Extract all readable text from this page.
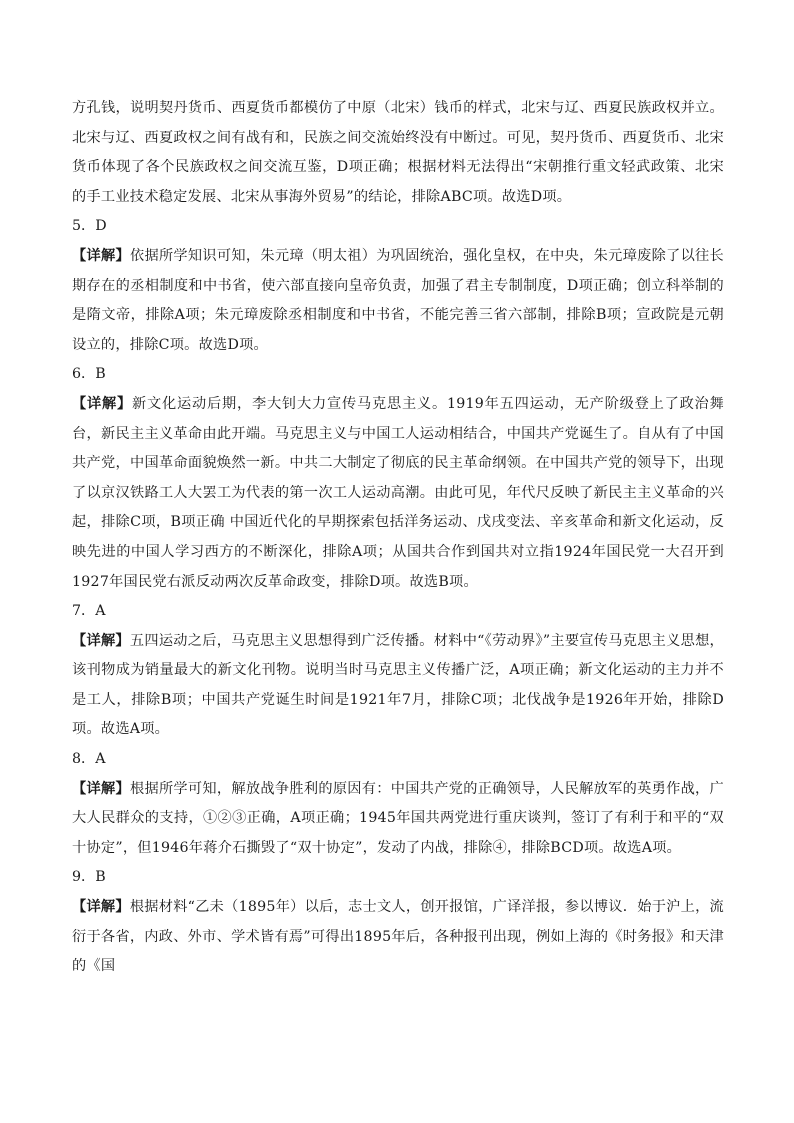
方孔钱，说明契丹货币、西夏货币都模仿了中原（北宋）钱币的样式，北宋与辽、西夏民族政权并立。北宋与辽、西夏政权之间有战有和，民族之间交流始终没有中断过。可见，契丹货币、西夏货币、北宋货币体现了各个民族政权之间交流互鉴，D项正确；根据材料无法得出“宋朝推行重文轻武政策、北宋的手工业技术稳定发展、北宋从事海外贸易”的结论，排除ABC项。故选D项。

5．D

【详解】依据所学知识可知，朱元璋（明太祖）为巩固统治，强化皇权，在中央，朱元璋废除了以往长期存在的丞相制度和中书省，使六部直接向皇帝负责，加强了君主专制制度，D项正确；创立科举制的是隋文帝，排除A项；朱元璋废除丞相制度和中书省，不能完善三省六部制，排除B项；宣政院是元朝设立的，排除C项。故选D项。

6．B

【详解】新文化运动后期，李大钊大力宣传马克思主义。1919年五四运动，无产阶级登上了政治舞台，新民主主义革命由此开端。马克思主义与中国工人运动相结合，中国共产党诞生了。自从有了中国共产党，中国革命面貌焕然一新。中共二大制定了彻底的民主革命纲领。在中国共产党的领导下，出现了以京汉铁路工人大罢工为代表的第一次工人运动高潮。由此可见，年代尺反映了新民主主义革命的兴起，排除C项，B项正确 中国近代化的早期探索包括洋务运动、戊戌变法、辛亥革命和新文化运动，反映先进的中国人学习西方的不断深化，排除A项；从国共合作到国共对立指1924年国民党一大召开到1927年国民党右派反动两次反革命政变，排除D项。故选B项。

7．A

【详解】五四运动之后，马克思主义思想得到广泛传播。材料中“《劳动界》”主要宣传马克思主义思想，该刊物成为销量最大的新文化刊物。说明当时马克思主义传播广泛，A项正确；新文化运动的主力并不是工人，排除B项；中国共产党诞生时间是1921年7月，排除C项；北伐战争是1926年开始，排除D项。故选A项。

8．A

【详解】根据所学可知，解放战争胜利的原因有：中国共产党的正确领导，人民解放军的英勇作战，广大人民群众的支持，①②③正确，A项正确；1945年国共两党进行重庆谈判，签订了有利于和平的“双十协定”，但1946年蒋介石撕毁了“双十协定”，发动了内战，排除④，排除BCD项。故选A项。

9．B

【详解】根据材料“乙未（1895年）以后，志士文人，创开报馆，广译洋报，参以博议．始于沪上，流衍于各省，内政、外市、学术皆有焉”可得出1895年后，各种报刊出现，例如上海的《时务报》和天津的《国
